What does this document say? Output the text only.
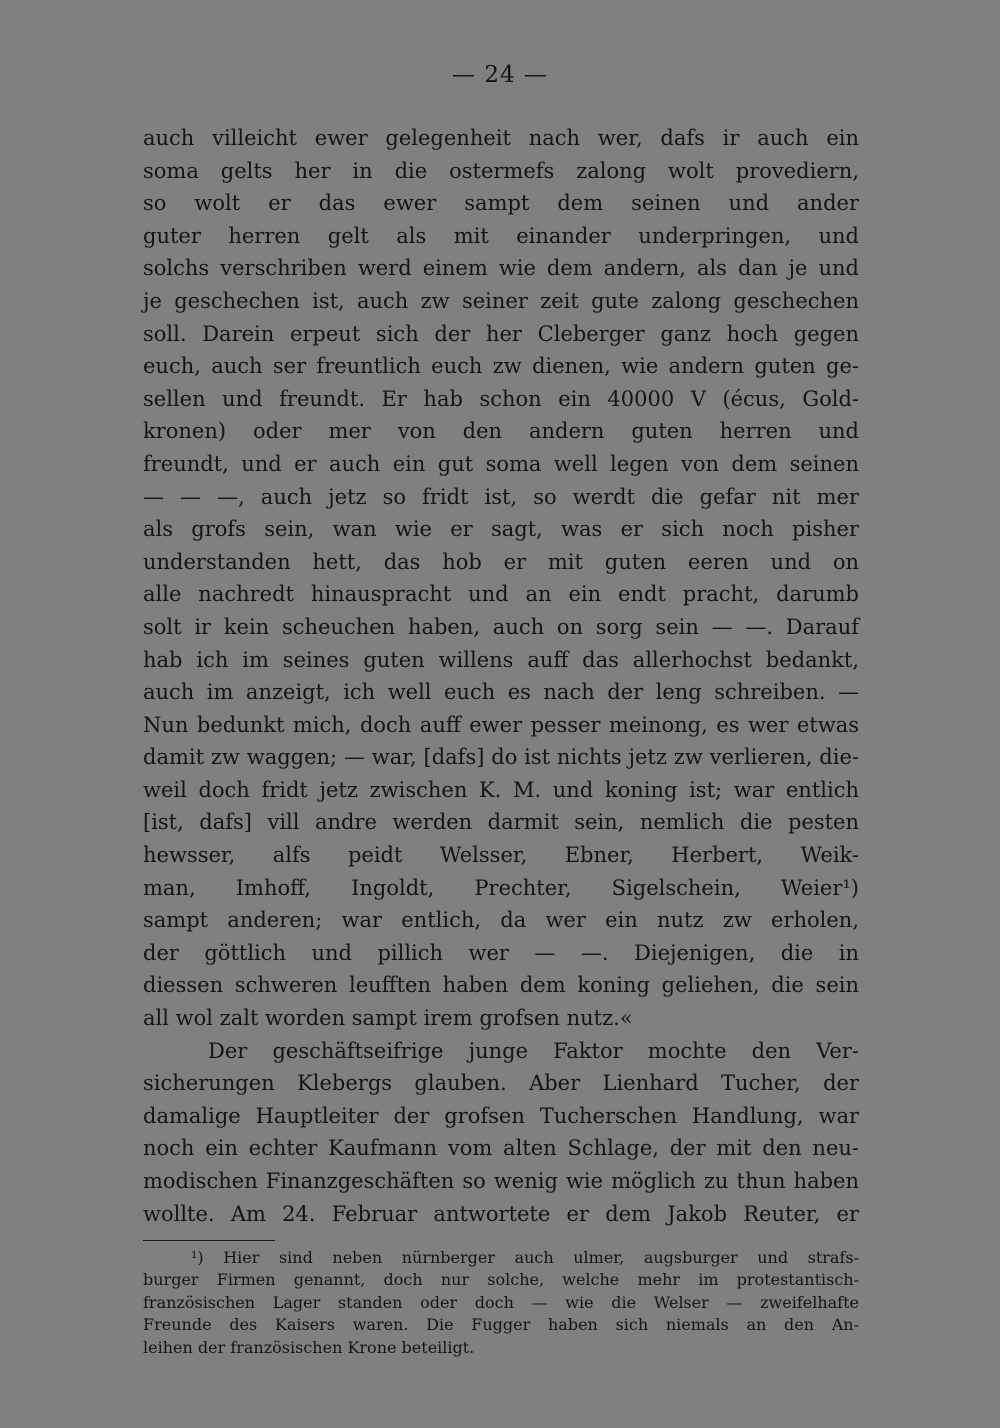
— 24 —
auch villeicht ewer gelegenheit nach wer, dafs ir auch ein
soma gelts her in die ostermefs zalong wolt provediern,
so wolt er das ewer sampt dem seinen und ander
guter herren gelt als mit einander underpringen, und
solchs verschriben werd einem wie dem andern, als dan je und
je geschechen ist, auch zw seiner zeit gute zalong geschechen
soll. Darein erpeut sich der her Cleberger ganz hoch gegen
euch, auch ser freuntlich euch zw dienen, wie andern guten ge-
sellen und freundt. Er hab schon ein 40000 V (écus, Gold-
kronen) oder mer von den andern guten herren und
freundt, und er auch ein gut soma well legen von dem seinen
— — —, auch jetz so fridt ist, so werdt die gefar nit mer
als grofs sein, wan wie er sagt, was er sich noch pisher
understanden hett, das hob er mit guten eeren und on
alle nachredt hinauspracht und an ein endt pracht, darumb
solt ir kein scheuchen haben, auch on sorg sein — —. Darauf
hab ich im seines guten willens auff das allerhochst bedankt,
auch im anzeigt, ich well euch es nach der leng schreiben. —
Nun bedunkt mich, doch auff ewer pesser meinong, es wer etwas
damit zw waggen; — war, [dafs] do ist nichts jetz zw verlieren, die-
weil doch fridt jetz zwischen K. M. und koning ist; war entlich
[ist, dafs] vill andre werden darmit sein, nemlich die pesten
hewsser, alfs peidt Welsser, Ebner, Herbert, Weik-
man, Imhoff, Ingoldt, Prechter, Sigelschein, Weier¹)
sampt anderen; war entlich, da wer ein nutz zw erholen,
der göttlich und pillich wer — —. Diejenigen, die in
diessen schweren leufften haben dem koning geliehen, die sein
all wol zalt worden sampt irem grofsen nutz.«
Der geschäftseifrige junge Faktor mochte den Ver-
sicherungen Klebergs glauben. Aber Lienhard Tucher, der
damalige Hauptleiter der grofsen Tucherschen Handlung, war
noch ein echter Kaufmann vom alten Schlage, der mit den neu-
modischen Finanzgeschäften so wenig wie möglich zu thun haben
wollte. Am 24. Februar antwortete er dem Jakob Reuter, er
¹) Hier sind neben nürnberger auch ulmer, augsburger und strafs-
burger Firmen genannt, doch nur solche, welche mehr im protestantisch-
französischen Lager standen oder doch — wie die Welser — zweifelhafte
Freunde des Kaisers waren. Die Fugger haben sich niemals an den An-
leihen der französischen Krone beteiligt.
